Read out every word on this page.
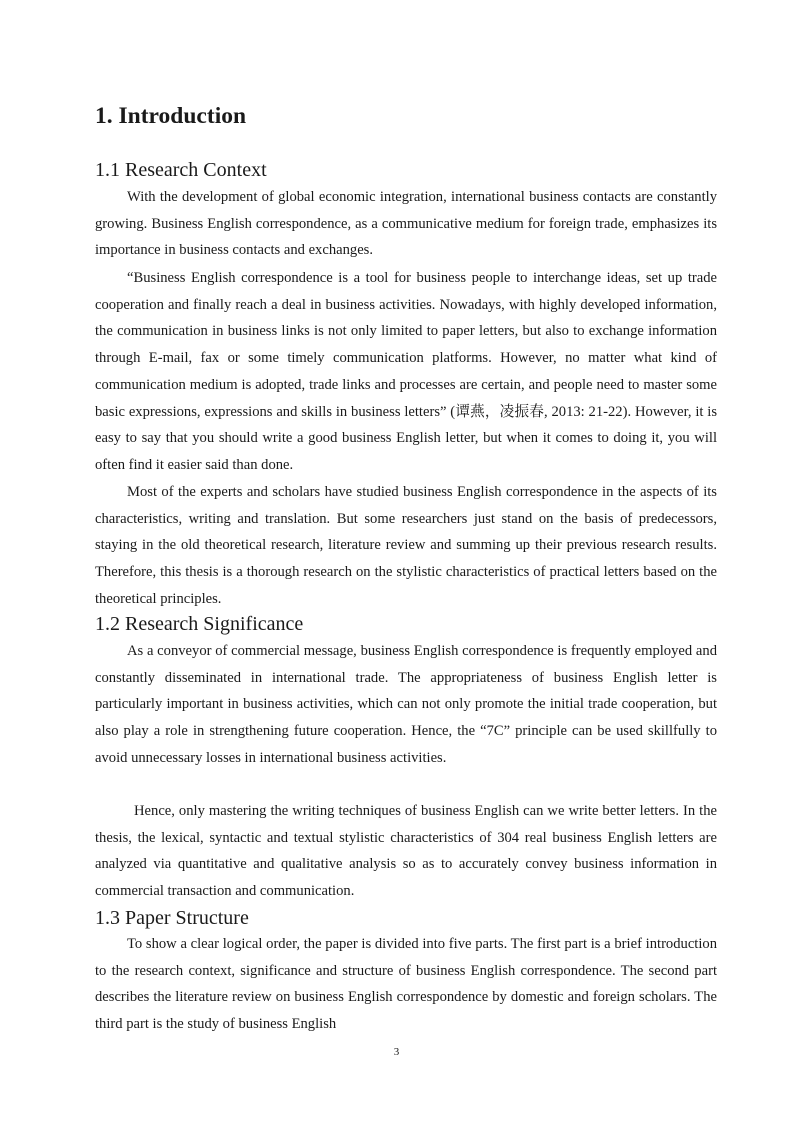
1. Introduction
1.1 Research Context

With the development of global economic integration, international business contacts are constantly growing. Business English correspondence, as a communicative medium for foreign trade, emphasizes its importance in business contacts and exchanges.

“Business English correspondence is a tool for business people to interchange ideas, set up trade cooperation and finally reach a deal in business activities. Nowadays, with highly developed information, the communication in business links is not only limited to paper letters, but also to exchange information through E-mail, fax or some timely communication platforms. However, no matter what kind of communication medium is adopted, trade links and processes are certain, and people need to master some basic expressions, expressions and skills in business letters” (谭燕，凌振春, 2013: 21-22). However, it is easy to say that you should write a good business English letter, but when it comes to doing it, you will often find it easier said than done.

Most of the experts and scholars have studied business English correspondence in the aspects of its characteristics, writing and translation. But some researchers just stand on the basis of predecessors, staying in the old theoretical research, literature review and summing up their previous research results. Therefore, this thesis is a thorough research on the stylistic characteristics of practical letters based on the theoretical principles.

1.2 Research Significance

As a conveyor of commercial message, business English correspondence is frequently employed and constantly disseminated in international trade. The appropriateness of business English letter is particularly important in business activities, which can not only promote the initial trade cooperation, but also play a role in strengthening future cooperation. Hence, the “7C” principle can be used skillfully to avoid unnecessary losses in international business activities.

Hence, only mastering the writing techniques of business English can we write better letters. In the thesis, the lexical, syntactic and textual stylistic characteristics of 304 real business English letters are analyzed via quantitative and qualitative analysis so as to accurately convey business information in commercial transaction and communication.

1.3 Paper Structure

To show a clear logical order, the paper is divided into five parts. The first part is a brief introduction to the research context, significance and structure of business English correspondence. The second part describes the literature review on business English correspondence by domestic and foreign scholars. The third part is the study of business English

3
